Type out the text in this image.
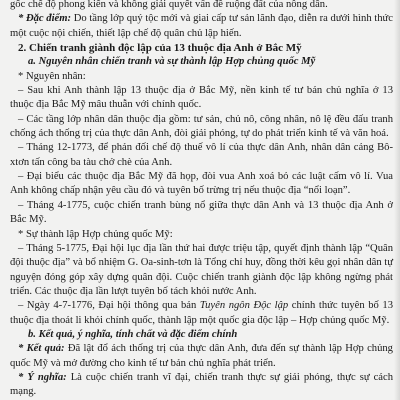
gốc chế độ phong kiến và không giải quyết vấn đề ruộng đất của nông dân.

* Đặc điểm: Do tầng lớp quý tộc mới và giai cấp tư sản lãnh đạo, diễn ra dưới hình thức một cuộc nội chiến, thiết lập chế độ quân chủ lập hiến.

2. Chiến tranh giành độc lập của 13 thuộc địa Anh ở Bắc Mỹ

a. Nguyên nhân chiến tranh và sự thành lập Hợp chủng quốc Mỹ

* Nguyên nhân:

– Sau khi Anh thành lập 13 thuộc địa ở Bắc Mỹ, nền kinh tế tư bản chủ nghĩa ở 13 thuộc địa Bắc Mỹ mâu thuẫn với chính quốc.

– Các tầng lớp nhân dân thuộc địa gồm: tư sản, chủ nô, công nhân, nô lệ đều đấu tranh chống ách thống trị của thực dân Anh, đòi giải phóng, tự do phát triển kinh tế và văn hoá.

– Tháng 12-1773, để phản đối chế độ thuế vô lí của thực dân Anh, nhân dân cảng Bô-xtơn tấn công ba tàu chở chè của Anh.

– Đại biểu các thuộc địa Bắc Mỹ đã họp, đòi vua Anh xoá bỏ các luật cấm vô lí. Vua Anh không chấp nhận yêu cầu đó và tuyên bố trừng trị nếu thuộc địa “nổi loạn”.

– Tháng 4-1775, cuộc chiến tranh bùng nổ giữa thực dân Anh và 13 thuộc địa Anh ở Bắc Mỹ.

* Sự thành lập Hợp chủng quốc Mỹ:

– Tháng 5-1775, Đại hội lục địa lần thứ hai được triệu tập, quyết định thành lập “Quân đội thuộc địa” và bổ nhiệm G. Oa-sinh-tơn là Tổng chỉ huy, đồng thời kêu gọi nhân dân tự nguyện đóng góp xây dựng quân đội. Cuộc chiến tranh giành độc lập không ngừng phát triển. Các thuộc địa lần lượt tuyên bố tách khỏi nước Anh.

– Ngày 4-7-1776, Đại hội thông qua bản Tuyên ngôn Độc lập chính thức tuyên bố 13 thuộc địa thoát li khỏi chính quốc, thành lập một quốc gia độc lập – Hợp chủng quốc Mỹ.

b. Kết quả, ý nghĩa, tính chất và đặc điểm chính

* Kết quả: Đã lật đổ ách thống trị của thực dân Anh, đưa đến sự thành lập Hợp chủng quốc Mỹ và mở đường cho kinh tế tư bản chủ nghĩa phát triển.

* Ý nghĩa: Là cuộc chiến tranh vĩ đại, chiến tranh thực sự giải phóng, thực sự cách mạng.
